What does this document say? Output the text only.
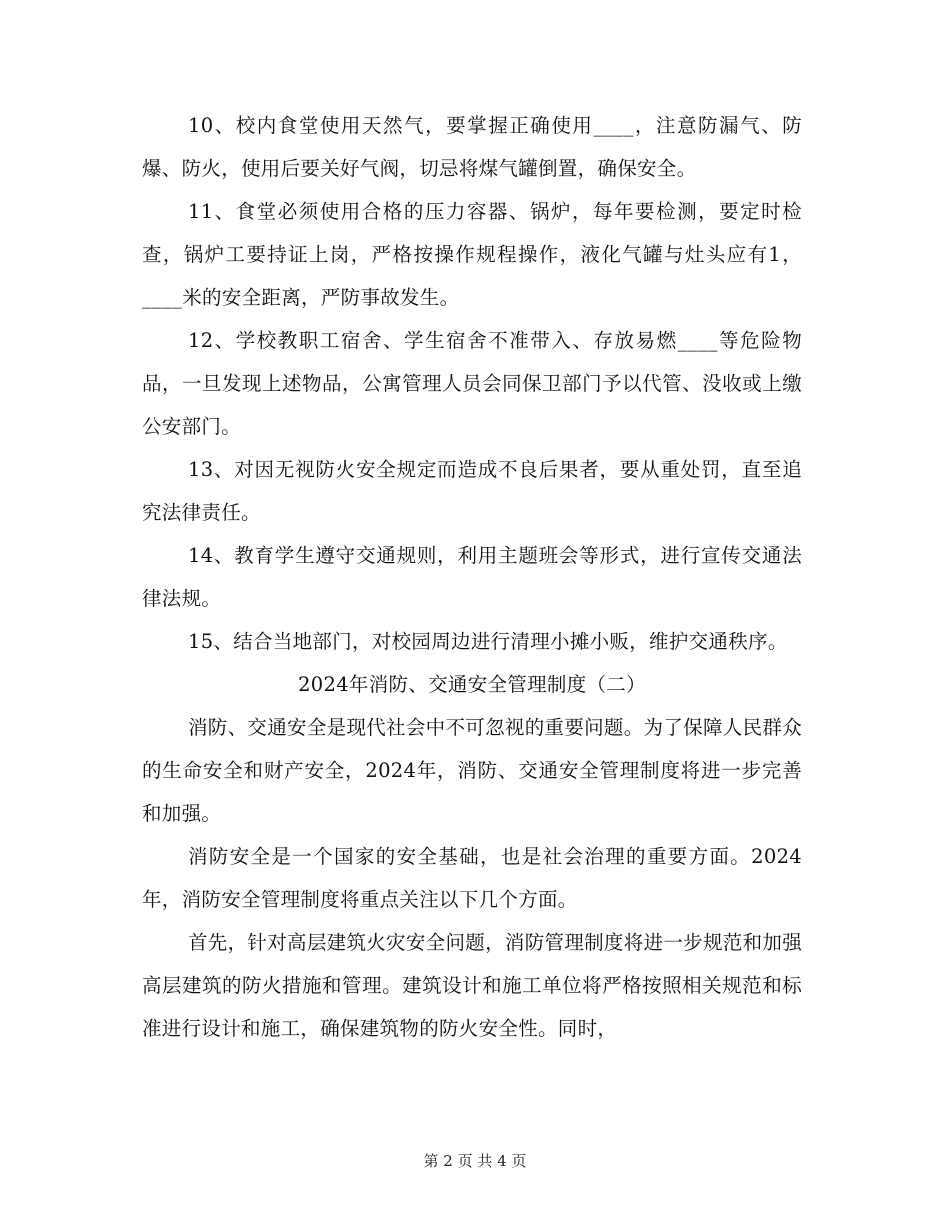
10、校内食堂使用天然气，要掌握正确使用____，注意防漏气、防爆、防火，使用后要关好气阀，切忌将煤气罐倒置，确保安全。

11、食堂必须使用合格的压力容器、锅炉，每年要检测，要定时检查，锅炉工要持证上岗，严格按操作规程操作，液化气罐与灶头应有1，____米的安全距离，严防事故发生。

12、学校教职工宿舍、学生宿舍不准带入、存放易燃____等危险物品，一旦发现上述物品，公寓管理人员会同保卫部门予以代管、没收或上缴公安部门。

13、对因无视防火安全规定而造成不良后果者，要从重处罚，直至追究法律责任。

14、教育学生遵守交通规则，利用主题班会等形式，进行宣传交通法律法规。

15、结合当地部门，对校园周边进行清理小摊小贩，维护交通秩序。

2024年消防、交通安全管理制度（二）

消防、交通安全是现代社会中不可忽视的重要问题。为了保障人民群众的生命安全和财产安全，2024年，消防、交通安全管理制度将进一步完善和加强。

消防安全是一个国家的安全基础，也是社会治理的重要方面。2024年，消防安全管理制度将重点关注以下几个方面。

首先，针对高层建筑火灾安全问题，消防管理制度将进一步规范和加强高层建筑的防火措施和管理。建筑设计和施工单位将严格按照相关规范和标准进行设计和施工，确保建筑物的防火安全性。同时，

第 2 页 共 4 页
